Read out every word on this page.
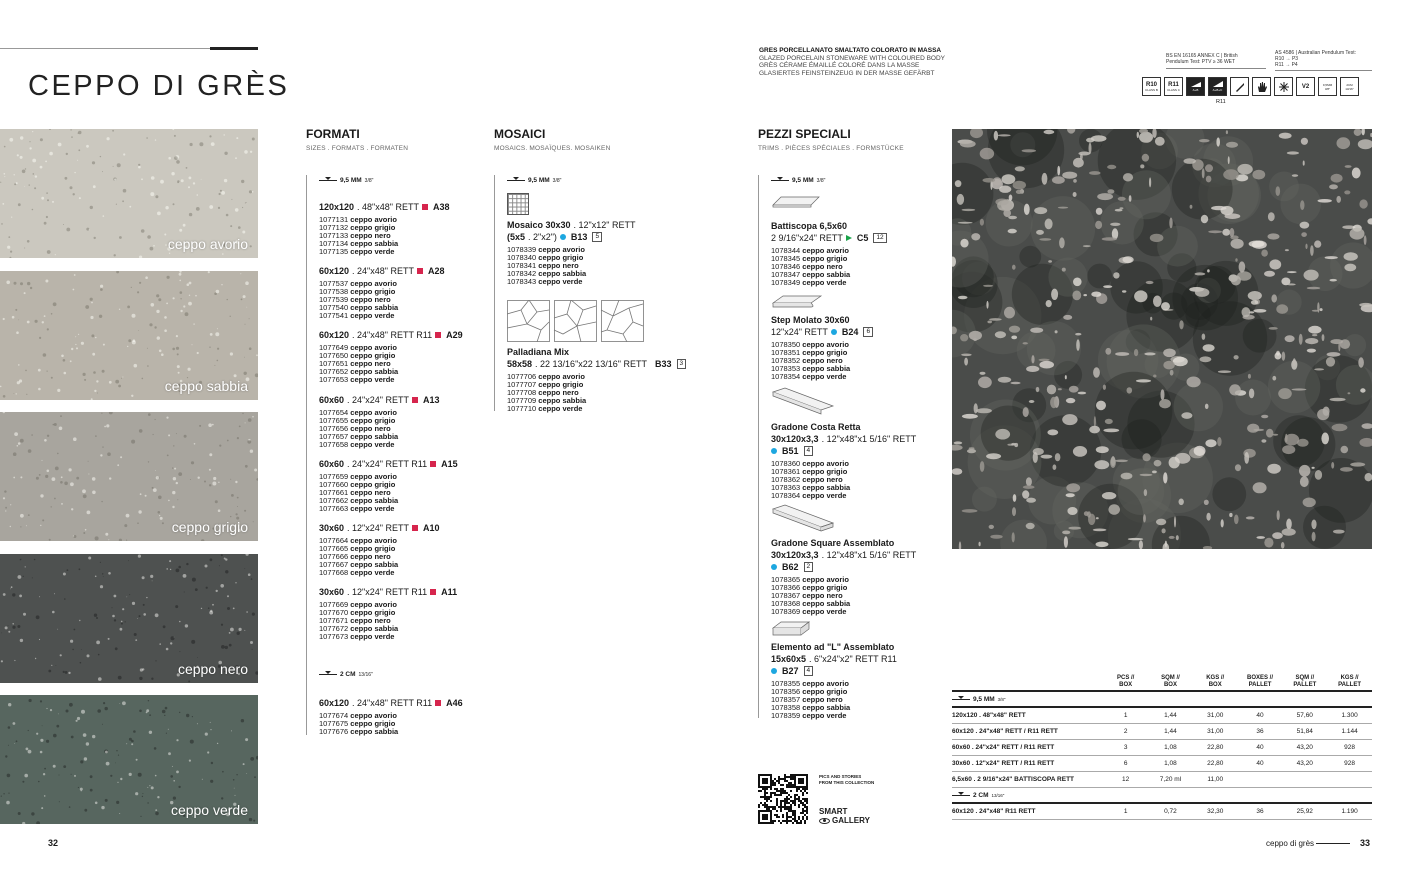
CEPPO DI GRÈS
ceppo avorio
ceppo sabbia
ceppo grigio
ceppo nero
ceppo verde
FORMATI
SIZES . FORMATS . FORMATEN
9,5 MM 3/8"
120x120 . 48"x48" RETT A38
1077131 ceppo avorio
1077132 ceppo grigio
1077133 ceppo nero
1077134 ceppo sabbia
1077135 ceppo verde
60x120 . 24"x48" RETT A28
1077537 ceppo avorio
1077538 ceppo grigio
1077539 ceppo nero
1077540 ceppo sabbia
1077541 ceppo verde
60x120 . 24"x48" RETT R11 A29
1077649 ceppo avorio
1077650 ceppo grigio
1077651 ceppo nero
1077652 ceppo sabbia
1077653 ceppo verde
60x60 . 24"x24" RETT A13
1077654 ceppo avorio
1077655 ceppo grigio
1077656 ceppo nero
1077657 ceppo sabbia
1077658 ceppo verde
60x60 . 24"x24" RETT R11 A15
1077659 ceppo avorio
1077660 ceppo grigio
1077661 ceppo nero
1077662 ceppo sabbia
1077663 ceppo verde
30x60 . 12"x24" RETT A10
1077664 ceppo avorio
1077665 ceppo grigio
1077666 ceppo nero
1077667 ceppo sabbia
1077668 ceppo verde
30x60 . 12"x24" RETT R11 A11
1077669 ceppo avorio
1077670 ceppo grigio
1077671 ceppo nero
1077672 ceppo sabbia
1077673 ceppo verde
2 CM 13/16"
60x120 . 24"x48" RETT R11 A46
1077674 ceppo avorio
1077675 ceppo grigio
1077676 ceppo sabbia
MOSAICI
MOSAICS. MOSAÏQUES. MOSAIKEN
9,5 MM 3/8"
Mosaico 30x30 . 12"x12" RETT
(5x5 . 2"x2") B13	5
1078339 ceppo avorio
1078340 ceppo grigio
1078341 ceppo nero
1078342 ceppo sabbia
1078343 ceppo verde
Palladiana Mix
58x58 . 22 13/16"x22 13/16" RETT B33	3
1077706 ceppo avorio
1077707 ceppo grigio
1077708 ceppo nero
1077709 ceppo sabbia
1077710 ceppo verde
PEZZI SPECIALI
TRIMS . PIÈCES SPÉCIALES . FORMSTÜCKE
9,5 MM 3/8"
Battiscopa 6,5x60
2 9/16"x24" RETT C5	12
1078344 ceppo avorio
1078345 ceppo grigio
1078346 ceppo nero
1078347 ceppo sabbia
1078349 ceppo verde
Step Molato 30x60
12"x24" RETT B24	6
1078350 ceppo avorio
1078351 ceppo grigio
1078352 ceppo nero
1078353 ceppo sabbia
1078354 ceppo verde
Gradone Costa Retta
30x120x3,3 . 12"x48"x1 5/16" RETT
B51	4
1078360 ceppo avorio
1078361 ceppo grigio
1078362 ceppo nero
1078363 ceppo sabbia
1078364 ceppo verde
Gradone Square Assemblato
30x120x3,3 . 12"x48"x1 5/16" RETT
B62	2
1078365 ceppo avorio
1078366 ceppo grigio
1078367 ceppo nero
1078368 ceppo sabbia
1078369 ceppo verde
Elemento ad "L" Assemblato
15x60x5 . 6"x24"x2" RETT R11
B27	4
1078355 ceppo avorio
1078356 ceppo grigio
1078357 ceppo nero
1078358 ceppo sabbia
1078359 ceppo verde
GRES PORCELLANATO SMALTATO COLORATO IN MASSA
GLAZED PORCELAIN STONEWARE WITH COLOURED BODY
GRÈS CÉRAME ÉMAILLÉ COLORÉ DANS LA MASSE
GLASIERTES FEINSTEINZEUG IN DER MASSE GEFÄRBT
BS EN 16165 ANNEX C | British
Pendulum Test: PTV ≥ 36 WET
AS 4586 | Australian Pendulum Test:
R10 → P3
R11 → P4
R10
CLASS B
R11
CLASS C	A+B	A+B+C
V2	9,5MM
3/8"
2CM
13/16"
R11
PCS //
BOX
SQM //
BOX
KGS //
BOX
BOXES //
PALLET
SQM //
PALLET
KGS //
PALLET
9,5 MM 3/8"
120x120 . 48"x48" RETT	1	1,44	31,00	40	57,60	1.300
60x120 . 24"x48" RETT / R11 RETT	2	1,44	31,00	36	51,84	1.144
60x60 . 24"x24" RETT / R11 RETT	3	1,08	22,80	40	43,20	928
30x60 . 12"x24" RETT / R11 RETT	6	1,08	22,80	40	43,20	928
6,5x60 . 2 9/16"x24" BATTISCOPA RETT	12	7,20 ml	11,00
2 CM 13/16"
60x120 . 24"x48" R11 RETT	1	0,72	32,30	36	25,92	1.190
PICS AND STORIES
FROM THIS COLLECTION
SMART
GALLERY
32	ceppo di grès	33
